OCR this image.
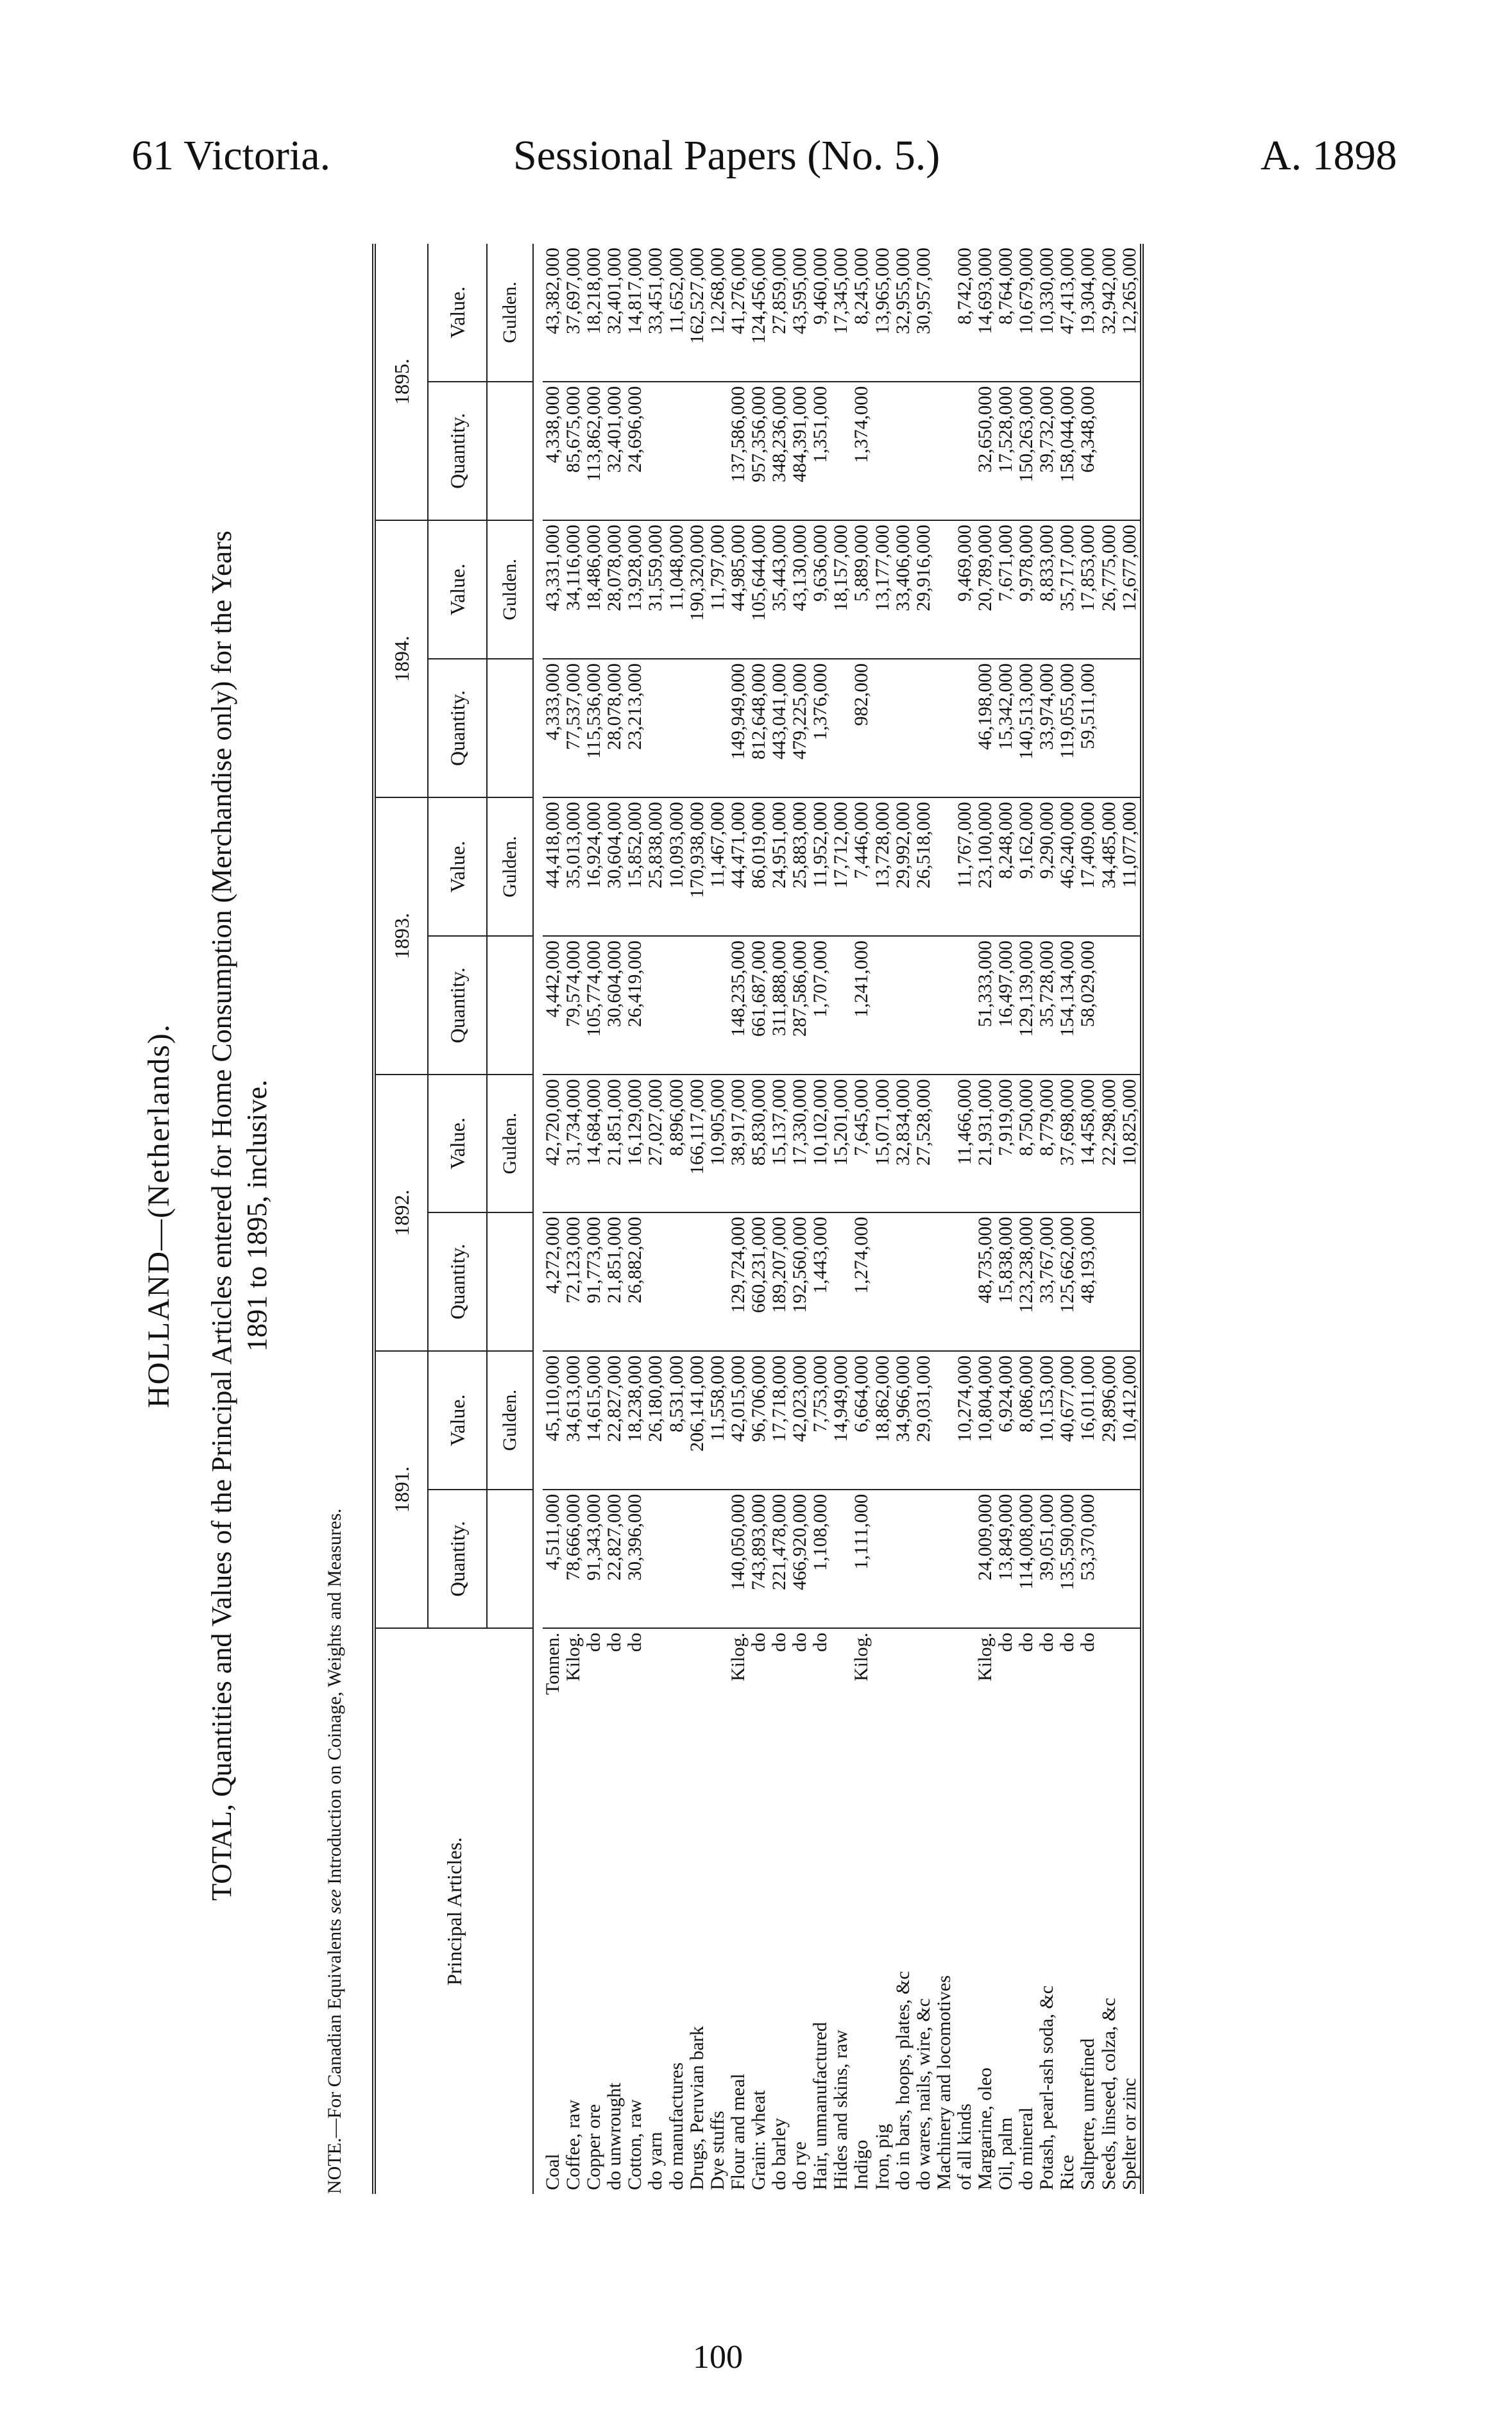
61 Victoria.	Sessional Papers (No. 5.)	A. 1898
HOLLAND—(Netherlands). TOTAL, Quantities and Values of the Principal Articles entered for Home Consumption (Merchandise only) for the Years 1891 to 1895, inclusive.
NOTE.—For Canadian Equivalents see Introduction on Coinage, Weights and Measures.
Principal Articles.		1891.		1892.		1893.		1894.		1895.	
		Quantity.	Value.	Quantity.	Value.	Quantity.	Value.	Quantity.	Value.	Quantity.	Value.
			Gulden.		Gulden.		Gulden.		Gulden.		Gulden.

Coal	Tonnen.	4,511,000	45,110,000	4,272,000	42,720,000	4,442,000	44,418,000	4,333,000	43,331,000	4,338,000	43,382,000
Coffee, raw	Kilog.	78,666,000	34,613,000	72,123,000	31,734,000	79,574,000	35,013,000	77,537,000	34,116,000	85,675,000	37,697,000
Copper ore	do	91,343,000	14,615,000	91,773,000	14,684,000	105,774,000	16,924,000	115,536,000	18,486,000	113,862,000	18,218,000
do unwrought	do	22,827,000	22,827,000	21,851,000	21,851,000	30,604,000	30,604,000	28,078,000	28,078,000	32,401,000	32,401,000
Cotton, raw	do	30,396,000	18,238,000	26,882,000	16,129,000	26,419,000	15,852,000	23,213,000	13,928,000	24,696,000	14,817,000
do yarn			26,180,000		27,027,000		25,838,000		31,559,000		33,451,000
do manufactures			8,531,000		8,896,000		10,093,000		11,048,000		11,652,000
Drugs, Peruvian bark			206,141,000		166,117,000		170,938,000		190,320,000		162,527,000
Dye stuffs			11,558,000		10,905,000		11,467,000		11,797,000		12,268,000
Flour and meal	Kilog.	140,050,000	42,015,000	129,724,000	38,917,000	148,235,000	44,471,000	149,949,000	44,985,000	137,586,000	41,276,000
Grain: wheat	do	743,893,000	96,706,000	660,231,000	85,830,000	661,687,000	86,019,000	812,648,000	105,644,000	957,356,000	124,456,000
do barley	do	221,478,000	17,718,000	189,207,000	15,137,000	311,888,000	24,951,000	443,041,000	35,443,000	348,236,000	27,859,000
do rye	do	466,920,000	42,023,000	192,560,000	17,330,000	287,586,000	25,883,000	479,225,000	43,130,000	484,391,000	43,595,000
Hair, unmanufactured	do	1,108,000	7,753,000	1,443,000	10,102,000	1,707,000	11,952,000	1,376,000	9,636,000	1,351,000	9,460,000
Hides and skins, raw			14,949,000		15,201,000		17,712,000		18,157,000		17,345,000
Indigo	Kilog.	1,111,000	6,664,000	1,274,000	7,645,000	1,241,000	7,446,000	982,000	5,889,000	1,374,000	8,245,000
Iron, pig			18,862,000		15,071,000		13,728,000		13,177,000		13,965,000
do in bars, hoops, plates, &c			34,966,000		32,834,000		29,992,000		33,406,000		32,955,000
do wares, nails, wire, &c			29,031,000		27,528,000		26,518,000		29,916,000		30,957,000
Machinery and locomotives											
of all kinds			10,274,000		11,466,000		11,767,000		9,469,000		8,742,000
Margarine, oleo	Kilog.	24,009,000	10,804,000	48,735,000	21,931,000	51,333,000	23,100,000	46,198,000	20,789,000	32,650,000	14,693,000
Oil, palm	do	13,849,000	6,924,000	15,838,000	7,919,000	16,497,000	8,248,000	15,342,000	7,671,000	17,528,000	8,764,000
do mineral	do	114,008,000	8,086,000	123,238,000	8,750,000	129,139,000	9,162,000	140,513,000	9,978,000	150,263,000	10,679,000
Potash, pearl-ash soda, &c	do	39,051,000	10,153,000	33,767,000	8,779,000	35,728,000	9,290,000	33,974,000	8,833,000	39,732,000	10,330,000
Rice	do	135,590,000	40,677,000	125,662,000	37,698,000	154,134,000	46,240,000	119,055,000	35,717,000	158,044,000	47,413,000
Saltpetre, unrefined	do	53,370,000	16,011,000	48,193,000	14,458,000	58,029,000	17,409,000	59,511,000	17,853,000	64,348,000	19,304,000
Seeds, linseed, colza, &c			29,896,000		22,298,000		34,485,000		26,775,000		32,942,000
Spelter or zinc			10,412,000		10,825,000		11,077,000		12,677,000		12,265,000
100
